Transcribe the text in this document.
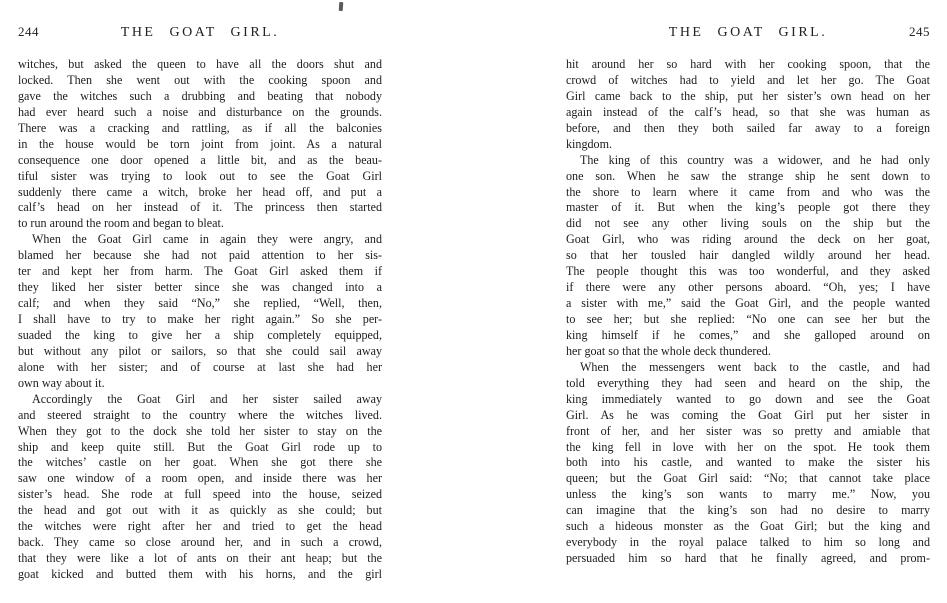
244	THE GOAT GIRL.
witches, but asked the queen to have all the doors shut and
locked. Then she went out with the cooking spoon and
gave the witches such a drubbing and beating that nobody
had ever heard such a noise and disturbance on the grounds.
There was a cracking and rattling, as if all the balconies
in the house would be torn joint from joint. As a natural
consequence one door opened a little bit, and as the beau-
tiful sister was trying to look out to see the Goat Girl
suddenly there came a witch, broke her head off, and put a
calf’s head on her instead of it. The princess then started
to run around the room and began to bleat.
When the Goat Girl came in again they were angry, and
blamed her because she had not paid attention to her sis-
ter and kept her from harm. The Goat Girl asked them if
they liked her sister better since she was changed into a
calf; and when they said “No,” she replied, “Well, then,
I shall have to try to make her right again.” So she per-
suaded the king to give her a ship completely equipped,
but without any pilot or sailors, so that she could sail away
alone with her sister; and of course at last she had her
own way about it.
Accordingly the Goat Girl and her sister sailed away
and steered straight to the country where the witches lived.
When they got to the dock she told her sister to stay on the
ship and keep quite still. But the Goat Girl rode up to
the witches’ castle on her goat. When she got there she
saw one window of a room open, and inside there was her
sister’s head. She rode at full speed into the house, seized
the head and got out with it as quickly as she could; but
the witches were right after her and tried to get the head
back. They came so close around her, and in such a crowd,
that they were like a lot of ants on their ant heap; but the
goat kicked and butted them with his horns, and the girl
THE GOAT GIRL.	245
hit around her so hard with her cooking spoon, that the
crowd of witches had to yield and let her go. The Goat
Girl came back to the ship, put her sister’s own head on her
again instead of the calf’s head, so that she was human as
before, and then they both sailed far away to a foreign
kingdom.
The king of this country was a widower, and he had only
one son. When he saw the strange ship he sent down to
the shore to learn where it came from and who was the
master of it. But when the king’s people got there they
did not see any other living souls on the ship but the
Goat Girl, who was riding around the deck on her goat,
so that her tousled hair dangled wildly around her head.
The people thought this was too wonderful, and they asked
if there were any other persons aboard. “Oh, yes; I have
a sister with me,” said the Goat Girl, and the people wanted
to see her; but she replied: “No one can see her but the
king himself if he comes,” and she galloped around on
her goat so that the whole deck thundered.
When the messengers went back to the castle, and had
told everything they had seen and heard on the ship, the
king immediately wanted to go down and see the Goat
Girl. As he was coming the Goat Girl put her sister in
front of her, and her sister was so pretty and amiable that
the king fell in love with her on the spot. He took them
both into his castle, and wanted to make the sister his
queen; but the Goat Girl said: “No; that cannot take place
unless the king’s son wants to marry me.” Now, you
can imagine that the king’s son had no desire to marry
such a hideous monster as the Goat Girl; but the king and
everybody in the royal palace talked to him so long and
persuaded him so hard that he finally agreed, and prom-
